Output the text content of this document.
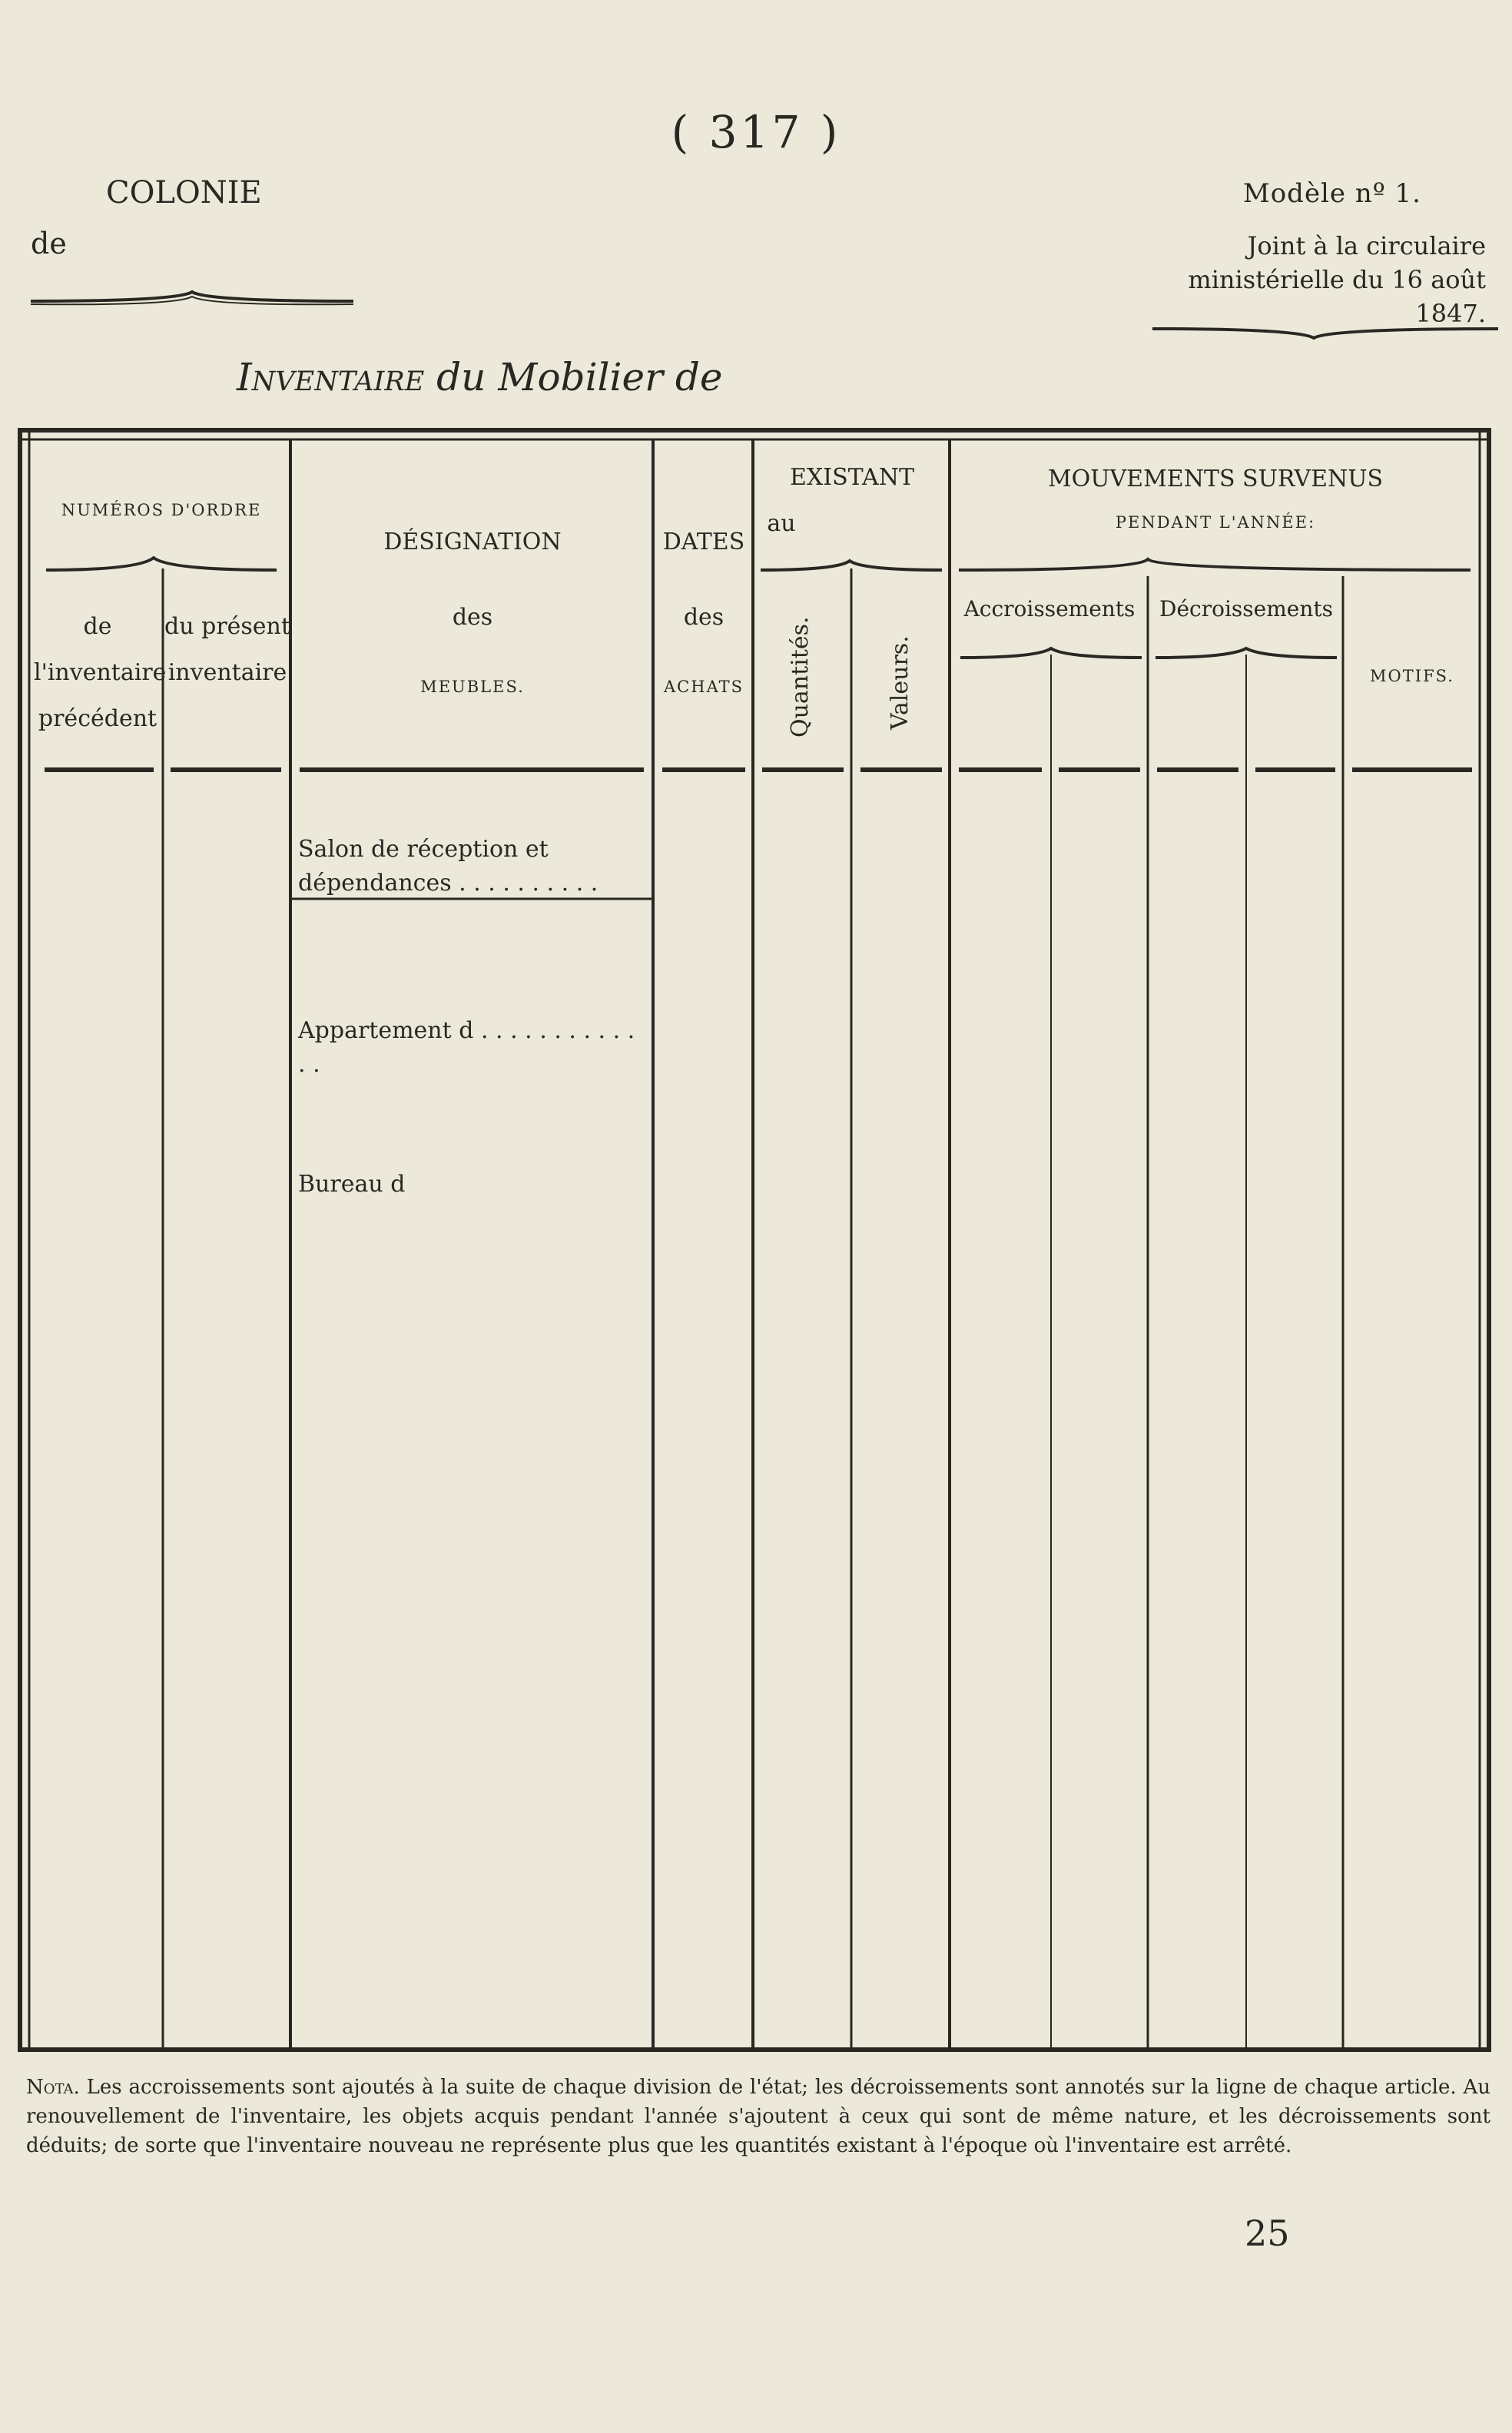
( 317 )
COLONIE
de
Modèle nº 1.
Joint à la circulaire ministérielle du 16 août 1847.
Inventaire du Mobilier de
NUMÉROS D'ORDRE
de l'inventaire précédent
du présent inventaire
DÉSIGNATION
des
MEUBLES.
DATES
des
ACHATS
EXISTANT
au
Quantités.	Valeurs.
MOUVEMENTS SURVENUS
PENDANT L'ANNÉE:
Accroissements	Décroissements
MOTIFS.
Salon de réception et dépendances . . . . . . . . . .
Appartement d . . . . . . . . . . . . .
Bureau d
Nota. Les accroissements sont ajoutés à la suite de chaque division de l'état; les décroissements sont annotés sur la ligne de chaque article. Au renouvellement de l'inventaire, les objets acquis pendant l'année s'ajoutent à ceux qui sont de même nature, et les décroissements sont déduits; de sorte que l'inventaire nouveau ne représente plus que les quantités existant à l'époque où l'inventaire est arrêté.
25
